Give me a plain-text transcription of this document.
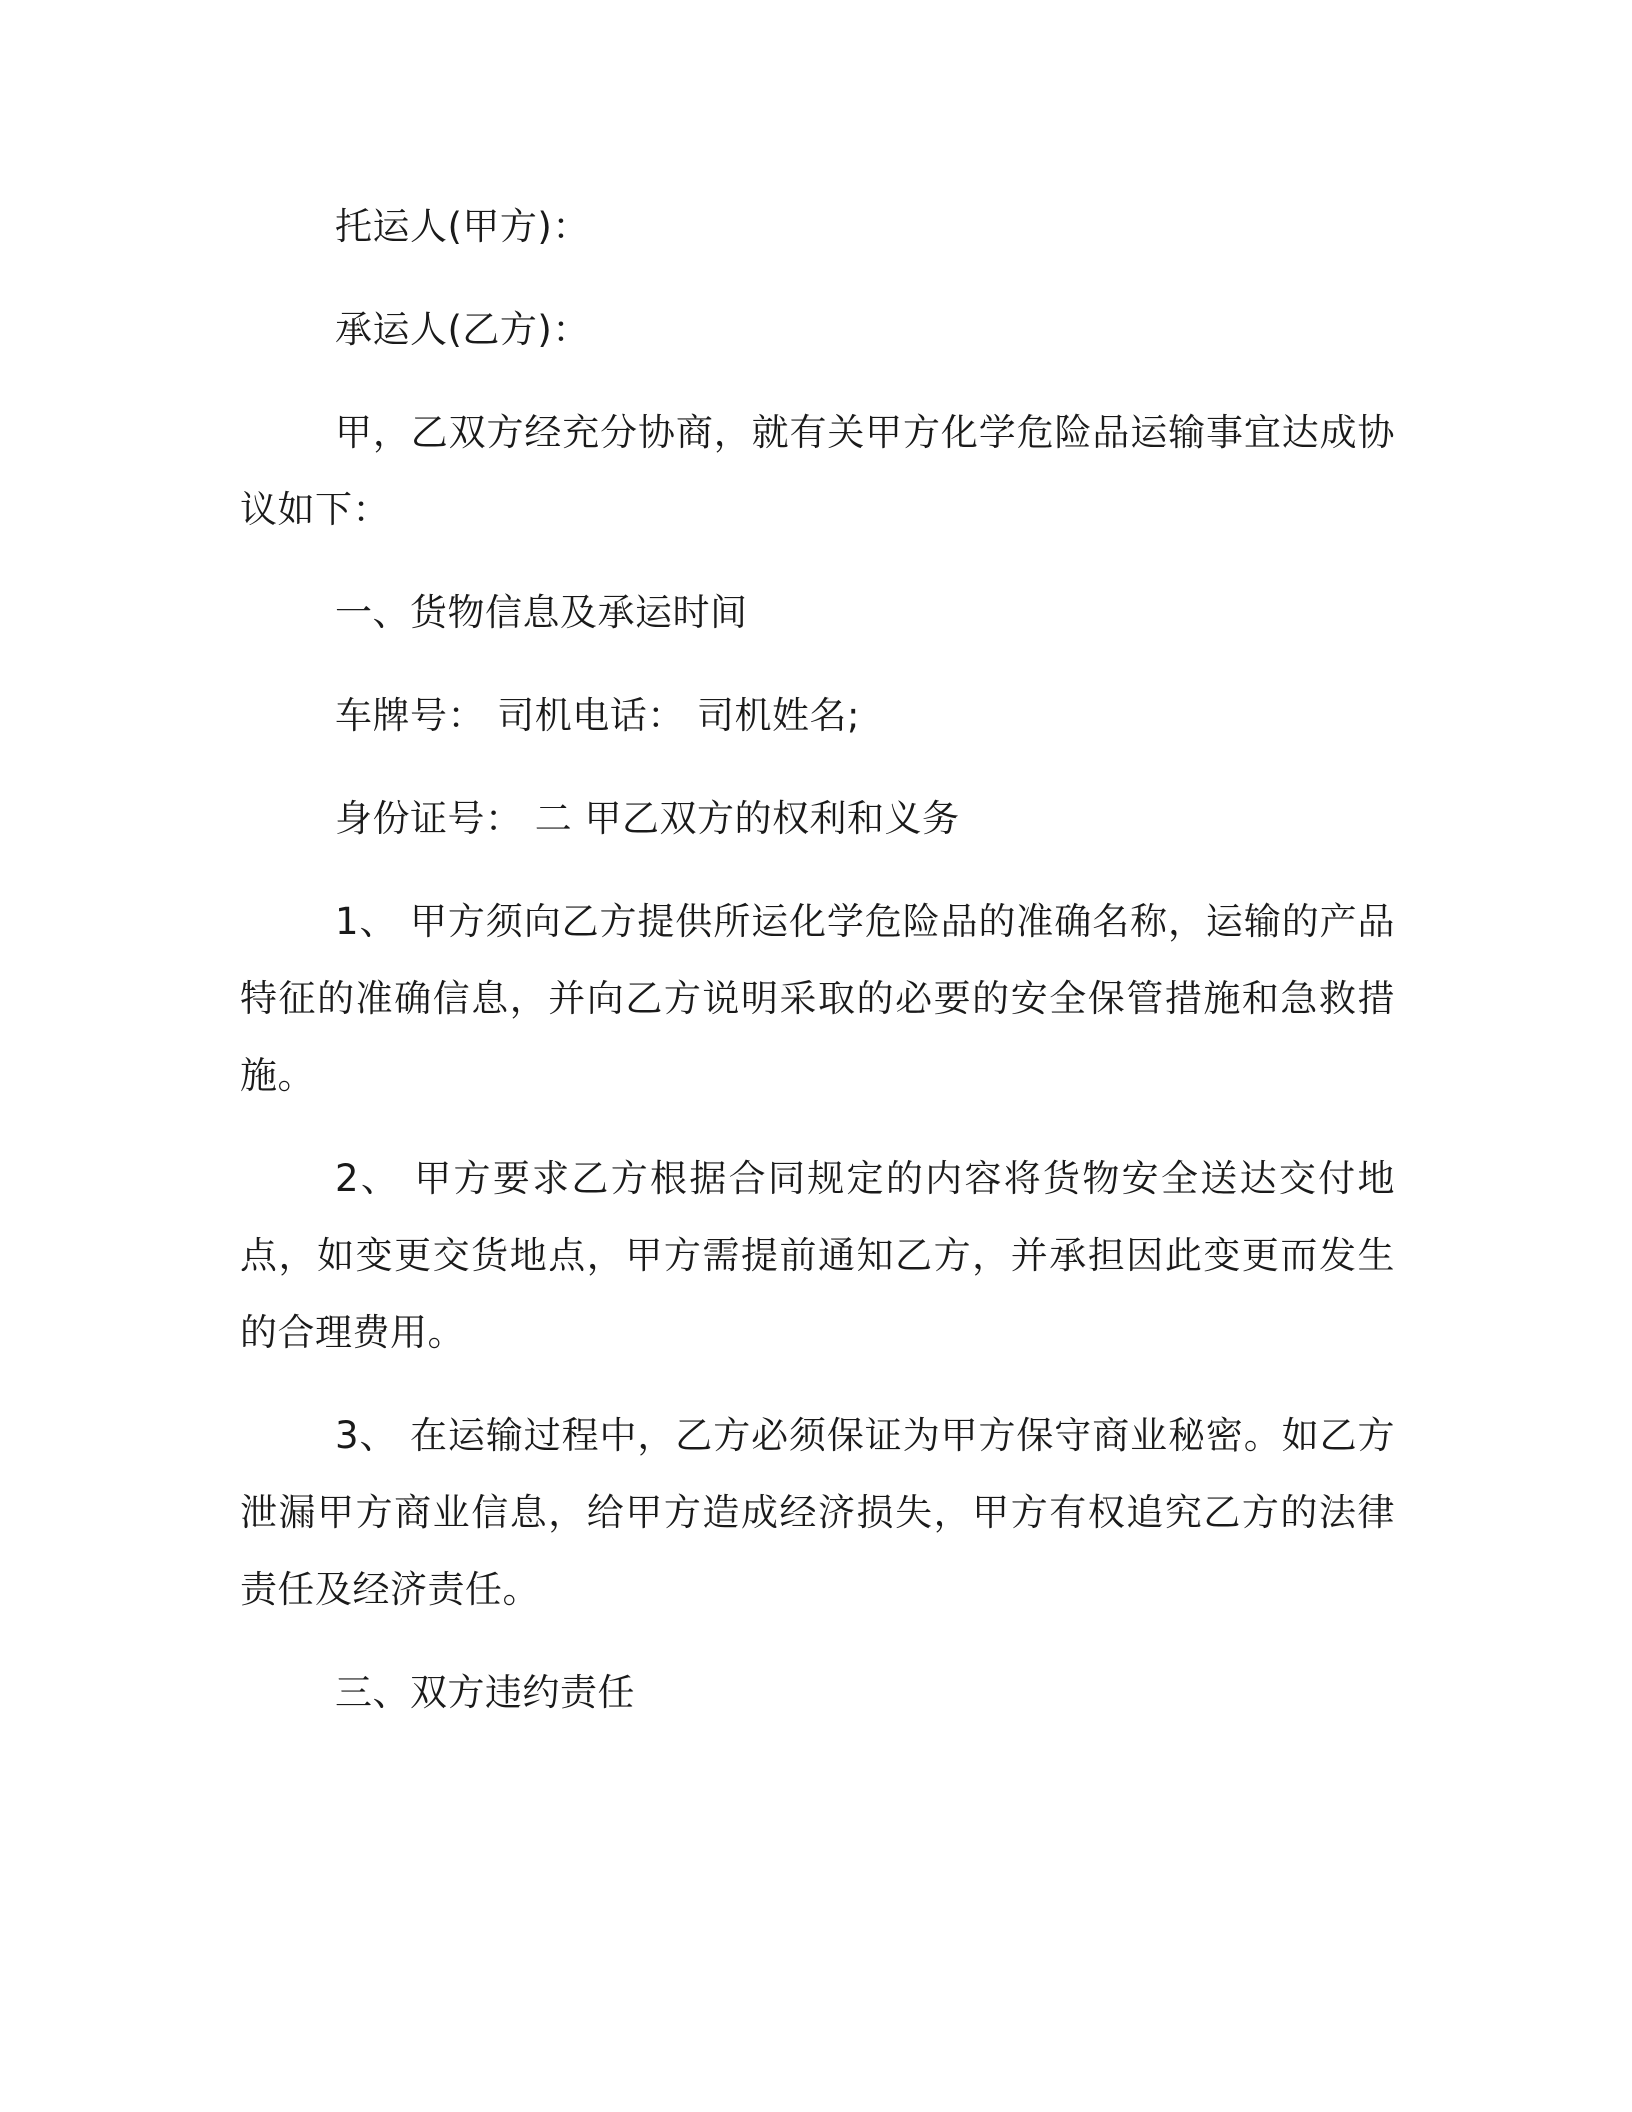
托运人(甲方)：

承运人(乙方)：

甲，乙双方经充分协商，就有关甲方化学危险品运输事宜达成协议如下：

一、货物信息及承运时间

车牌号： 司机电话： 司机姓名;

身份证号： 二 甲乙双方的权利和义务

1、 甲方须向乙方提供所运化学危险品的准确名称，运输的产品特征的准确信息，并向乙方说明采取的必要的安全保管措施和急救措施。

2、 甲方要求乙方根据合同规定的内容将货物安全送达交付地点，如变更交货地点，甲方需提前通知乙方，并承担因此变更而发生的合理费用。

3、 在运输过程中，乙方必须保证为甲方保守商业秘密。如乙方泄漏甲方商业信息，给甲方造成经济损失，甲方有权追究乙方的法律责任及经济责任。

三、双方违约责任
